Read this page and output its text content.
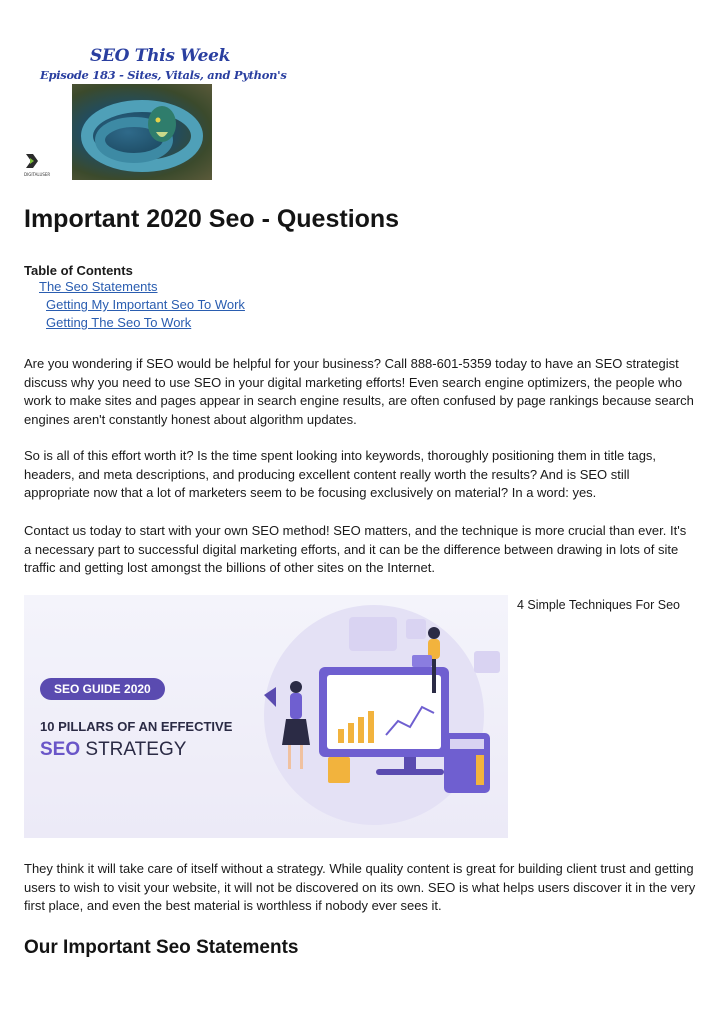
SEO This Week
Episode 183 - Sites, Vitals, and Python's
DIGITALUSER
Important 2020 Seo - Questions
Table of Contents
The Seo Statements
Getting My Important Seo To Work
Getting The Seo To Work

Are you wondering if SEO would be helpful for your business? Call 888-601-5359 today to have an SEO strategist discuss why you need to use SEO in your digital marketing efforts! Even search engine optimizers, the people who work to make sites and pages appear in search engine results, are often confused by page rankings because search engines aren't constantly honest about algorithm updates.

So is all of this effort worth it? Is the time spent looking into keywords, thoroughly positioning them in title tags, headers, and meta descriptions, and producing excellent content really worth the results? And is SEO still appropriate now that a lot of marketers seem to be focusing exclusively on material? In a word: yes.

Contact us today to start with your own SEO method! SEO matters, and the technique is more crucial than ever. It's a necessary part to successful digital marketing efforts, and it can be the difference between drawing in lots of site traffic and getting lost amongst the billions of other sites on the Internet.

4 Simple Techniques For Seo
SEO GUIDE 2020
10 PILLARS OF AN EFFECTIVE
SEO STRATEGY

They think it will take care of itself without a strategy. While quality content is great for building client trust and getting users to wish to visit your website, it will not be discovered on its own. SEO is what helps users discover it in the very first place, and even the best material is worthless if nobody ever sees it.

Our Important Seo Statements
